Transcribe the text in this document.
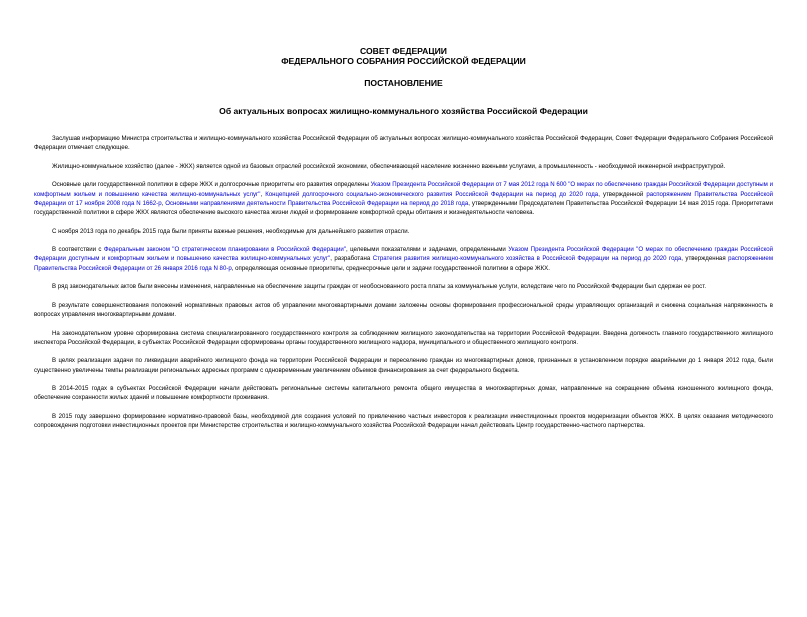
СОВЕТ ФЕДЕРАЦИИ
ФЕДЕРАЛЬНОГО СОБРАНИЯ РОССИЙСКОЙ ФЕДЕРАЦИИ
ПОСТАНОВЛЕНИЕ
Об актуальных вопросах жилищно-коммунального хозяйства Российской Федерации

Заслушав информацию Министра строительства и жилищно-коммунального хозяйства Российской Федерации об актуальных вопросах жилищно-коммунального хозяйства Российской Федерации, Совет Федерации Федерального Собрания Российской Федерации отмечает следующее.

Жилищно-коммунальное хозяйство (далее - ЖКХ) является одной из базовых отраслей российской экономики, обеспечивающей население жизненно важными услугами, а промышленность - необходимой инженерной инфраструктурой.

Основные цели государственной политики в сфере ЖКХ и долгосрочные приоритеты его развития определены Указом Президента Российской Федерации от 7 мая 2012 года N 600 "О мерах по обеспечению граждан Российской Федерации доступным и комфортным жильем и повышению качества жилищно-коммунальных услуг", Концепцией долгосрочного социально-экономического развития Российской Федерации на период до 2020 года, утвержденной распоряжением Правительства Российской Федерации от 17 ноября 2008 года N 1662-р, Основными направлениями деятельности Правительства Российской Федерации на период до 2018 года, утвержденными Председателем Правительства Российской Федерации 14 мая 2015 года. Приоритетами государственной политики в сфере ЖКХ являются обеспечение высокого качества жизни людей и формирование комфортной среды обитания и жизнедеятельности человека.

С ноября 2013 года по декабрь 2015 года были приняты важные решения, необходимые для дальнейшего развития отрасли.

В соответствии с Федеральным законом "О стратегическом планировании в Российской Федерации", целевыми показателями и задачами, определенными Указом Президента Российской Федерации "О мерах по обеспечению граждан Российской Федерации доступным и комфортным жильем и повышению качества жилищно-коммунальных услуг", разработана Стратегия развития жилищно-коммунального хозяйства в Российской Федерации на период до 2020 года, утвержденная распоряжением Правительства Российской Федерации от 26 января 2016 года N 80-р, определяющая основные приоритеты, среднесрочные цели и задачи государственной политики в сфере ЖКХ.

В ряд законодательных актов были внесены изменения, направленные на обеспечение защиты граждан от необоснованного роста платы за коммунальные услуги, вследствие чего по Российской Федерации был сдержан ее рост.

В результате совершенствования положений нормативных правовых актов об управлении многоквартирными домами заложены основы формирования профессиональной среды управляющих организаций и снижена социальная напряженность в вопросах управления многоквартирными домами.

На законодательном уровне сформирована система специализированного государственного контроля за соблюдением жилищного законодательства на территории Российской Федерации. Введена должность главного государственного жилищного инспектора Российской Федерации, в субъектах Российской Федерации сформированы органы государственного жилищного надзора, муниципального и общественного жилищного контроля.

В целях реализации задачи по ликвидации аварийного жилищного фонда на территории Российской Федерации и переселению граждан из многоквартирных домов, признанных в установленном порядке аварийными до 1 января 2012 года, были существенно увеличены темпы реализации региональных адресных программ с одновременным увеличением объемов финансирования за счет федерального бюджета.

В 2014-2015 годах в субъектах Российской Федерации начали действовать региональные системы капитального ремонта общего имущества в многоквартирных домах, направленные на сокращение объема изношенного жилищного фонда, обеспечение сохранности жилых зданий и повышение комфортности проживания.

В 2015 году завершено формирование нормативно-правовой базы, необходимой для создания условий по привлечению частных инвесторов к реализации инвестиционных проектов модернизации объектов ЖКХ. В целях оказания методического сопровождения подготовки инвестиционных проектов при Министерстве строительства и жилищно-коммунального хозяйства Российской Федерации начал действовать Центр государственно-частного партнерства.
